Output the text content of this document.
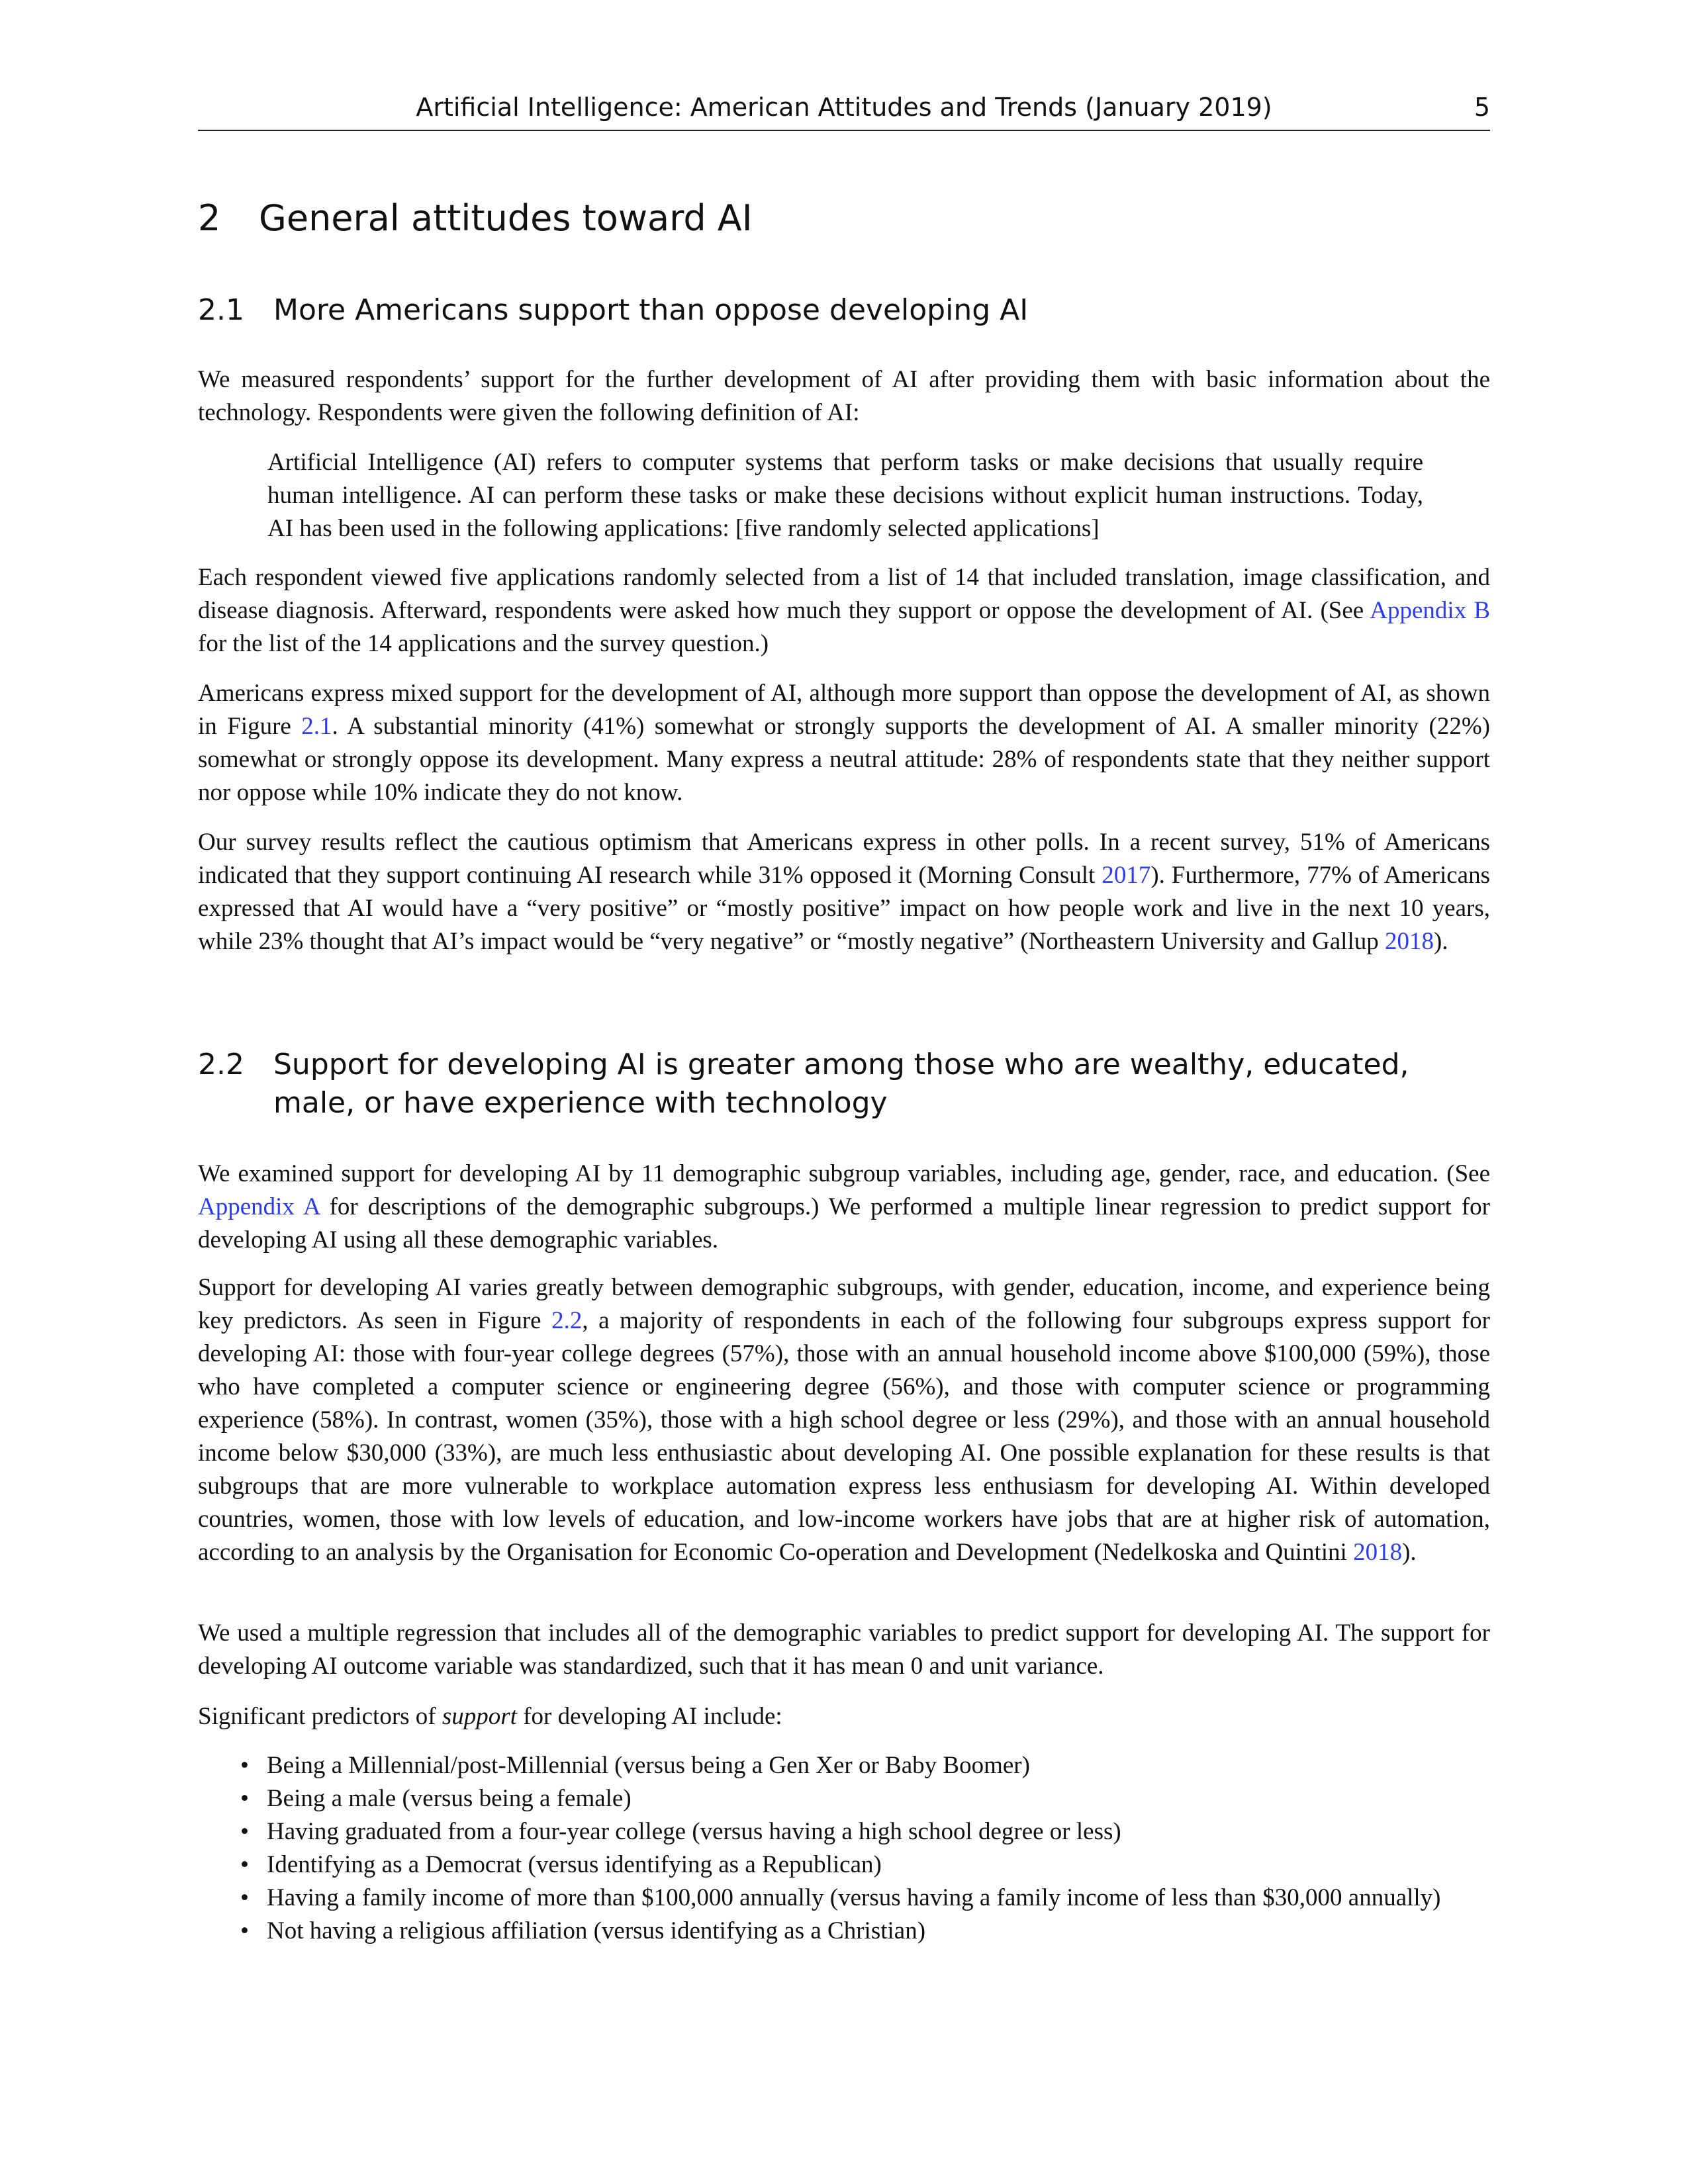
Artificial Intelligence: American Attitudes and Trends (January 2019)	5
2 General attitudes toward AI
2.1 More Americans support than oppose developing AI

We measured respondents’ support for the further development of AI after providing them with basic information about the technology. Respondents were given the following definition of AI:

Artificial Intelligence (AI) refers to computer systems that perform tasks or make decisions that usually require human intelligence. AI can perform these tasks or make these decisions without explicit human instructions. Today, AI has been used in the following applications: [five randomly selected applications]

Each respondent viewed five applications randomly selected from a list of 14 that included translation, image classification, and disease diagnosis. Afterward, respondents were asked how much they support or oppose the development of AI. (See Appendix B for the list of the 14 applications and the survey question.)

Americans express mixed support for the development of AI, although more support than oppose the development of AI, as shown in Figure 2.1. A substantial minority (41%) somewhat or strongly supports the development of AI. A smaller minority (22%) somewhat or strongly oppose its development. Many express a neutral attitude: 28% of respondents state that they neither support nor oppose while 10% indicate they do not know.

Our survey results reflect the cautious optimism that Americans express in other polls. In a recent survey, 51% of Americans indicated that they support continuing AI research while 31% opposed it (Morning Consult 2017). Furthermore, 77% of Americans expressed that AI would have a “very positive” or “mostly positive” impact on how people work and live in the next 10 years, while 23% thought that AI’s impact would be “very negative” or “mostly negative” (Northeastern University and Gallup 2018).

2.2 Support for developing AI is greater among those who are wealthy, educated, male, or have experience with technology

We examined support for developing AI by 11 demographic subgroup variables, including age, gender, race, and education. (See Appendix A for descriptions of the demographic subgroups.) We performed a multiple linear regression to predict support for developing AI using all these demographic variables.

Support for developing AI varies greatly between demographic subgroups, with gender, education, income, and experience being key predictors. As seen in Figure 2.2, a majority of respondents in each of the following four subgroups express support for developing AI: those with four-year college degrees (57%), those with an annual household income above $100,000 (59%), those who have completed a computer science or engineering degree (56%), and those with computer science or programming experience (58%). In contrast, women (35%), those with a high school degree or less (29%), and those with an annual household income below $30,000 (33%), are much less enthusiastic about developing AI. One possible explanation for these results is that subgroups that are more vulnerable to workplace automation express less enthusiasm for developing AI. Within developed countries, women, those with low levels of education, and low-income workers have jobs that are at higher risk of automation, according to an analysis by the Organisation for Economic Co-operation and Development (Nedelkoska and Quintini 2018).

We used a multiple regression that includes all of the demographic variables to predict support for developing AI. The support for developing AI outcome variable was standardized, such that it has mean 0 and unit variance.

Significant predictors of support for developing AI include:

• Being a Millennial/post-Millennial (versus being a Gen Xer or Baby Boomer)
• Being a male (versus being a female)
• Having graduated from a four-year college (versus having a high school degree or less)
• Identifying as a Democrat (versus identifying as a Republican)
• Having a family income of more than $100,000 annually (versus having a family income of less than $30,000 annually)
• Not having a religious affiliation (versus identifying as a Christian)
